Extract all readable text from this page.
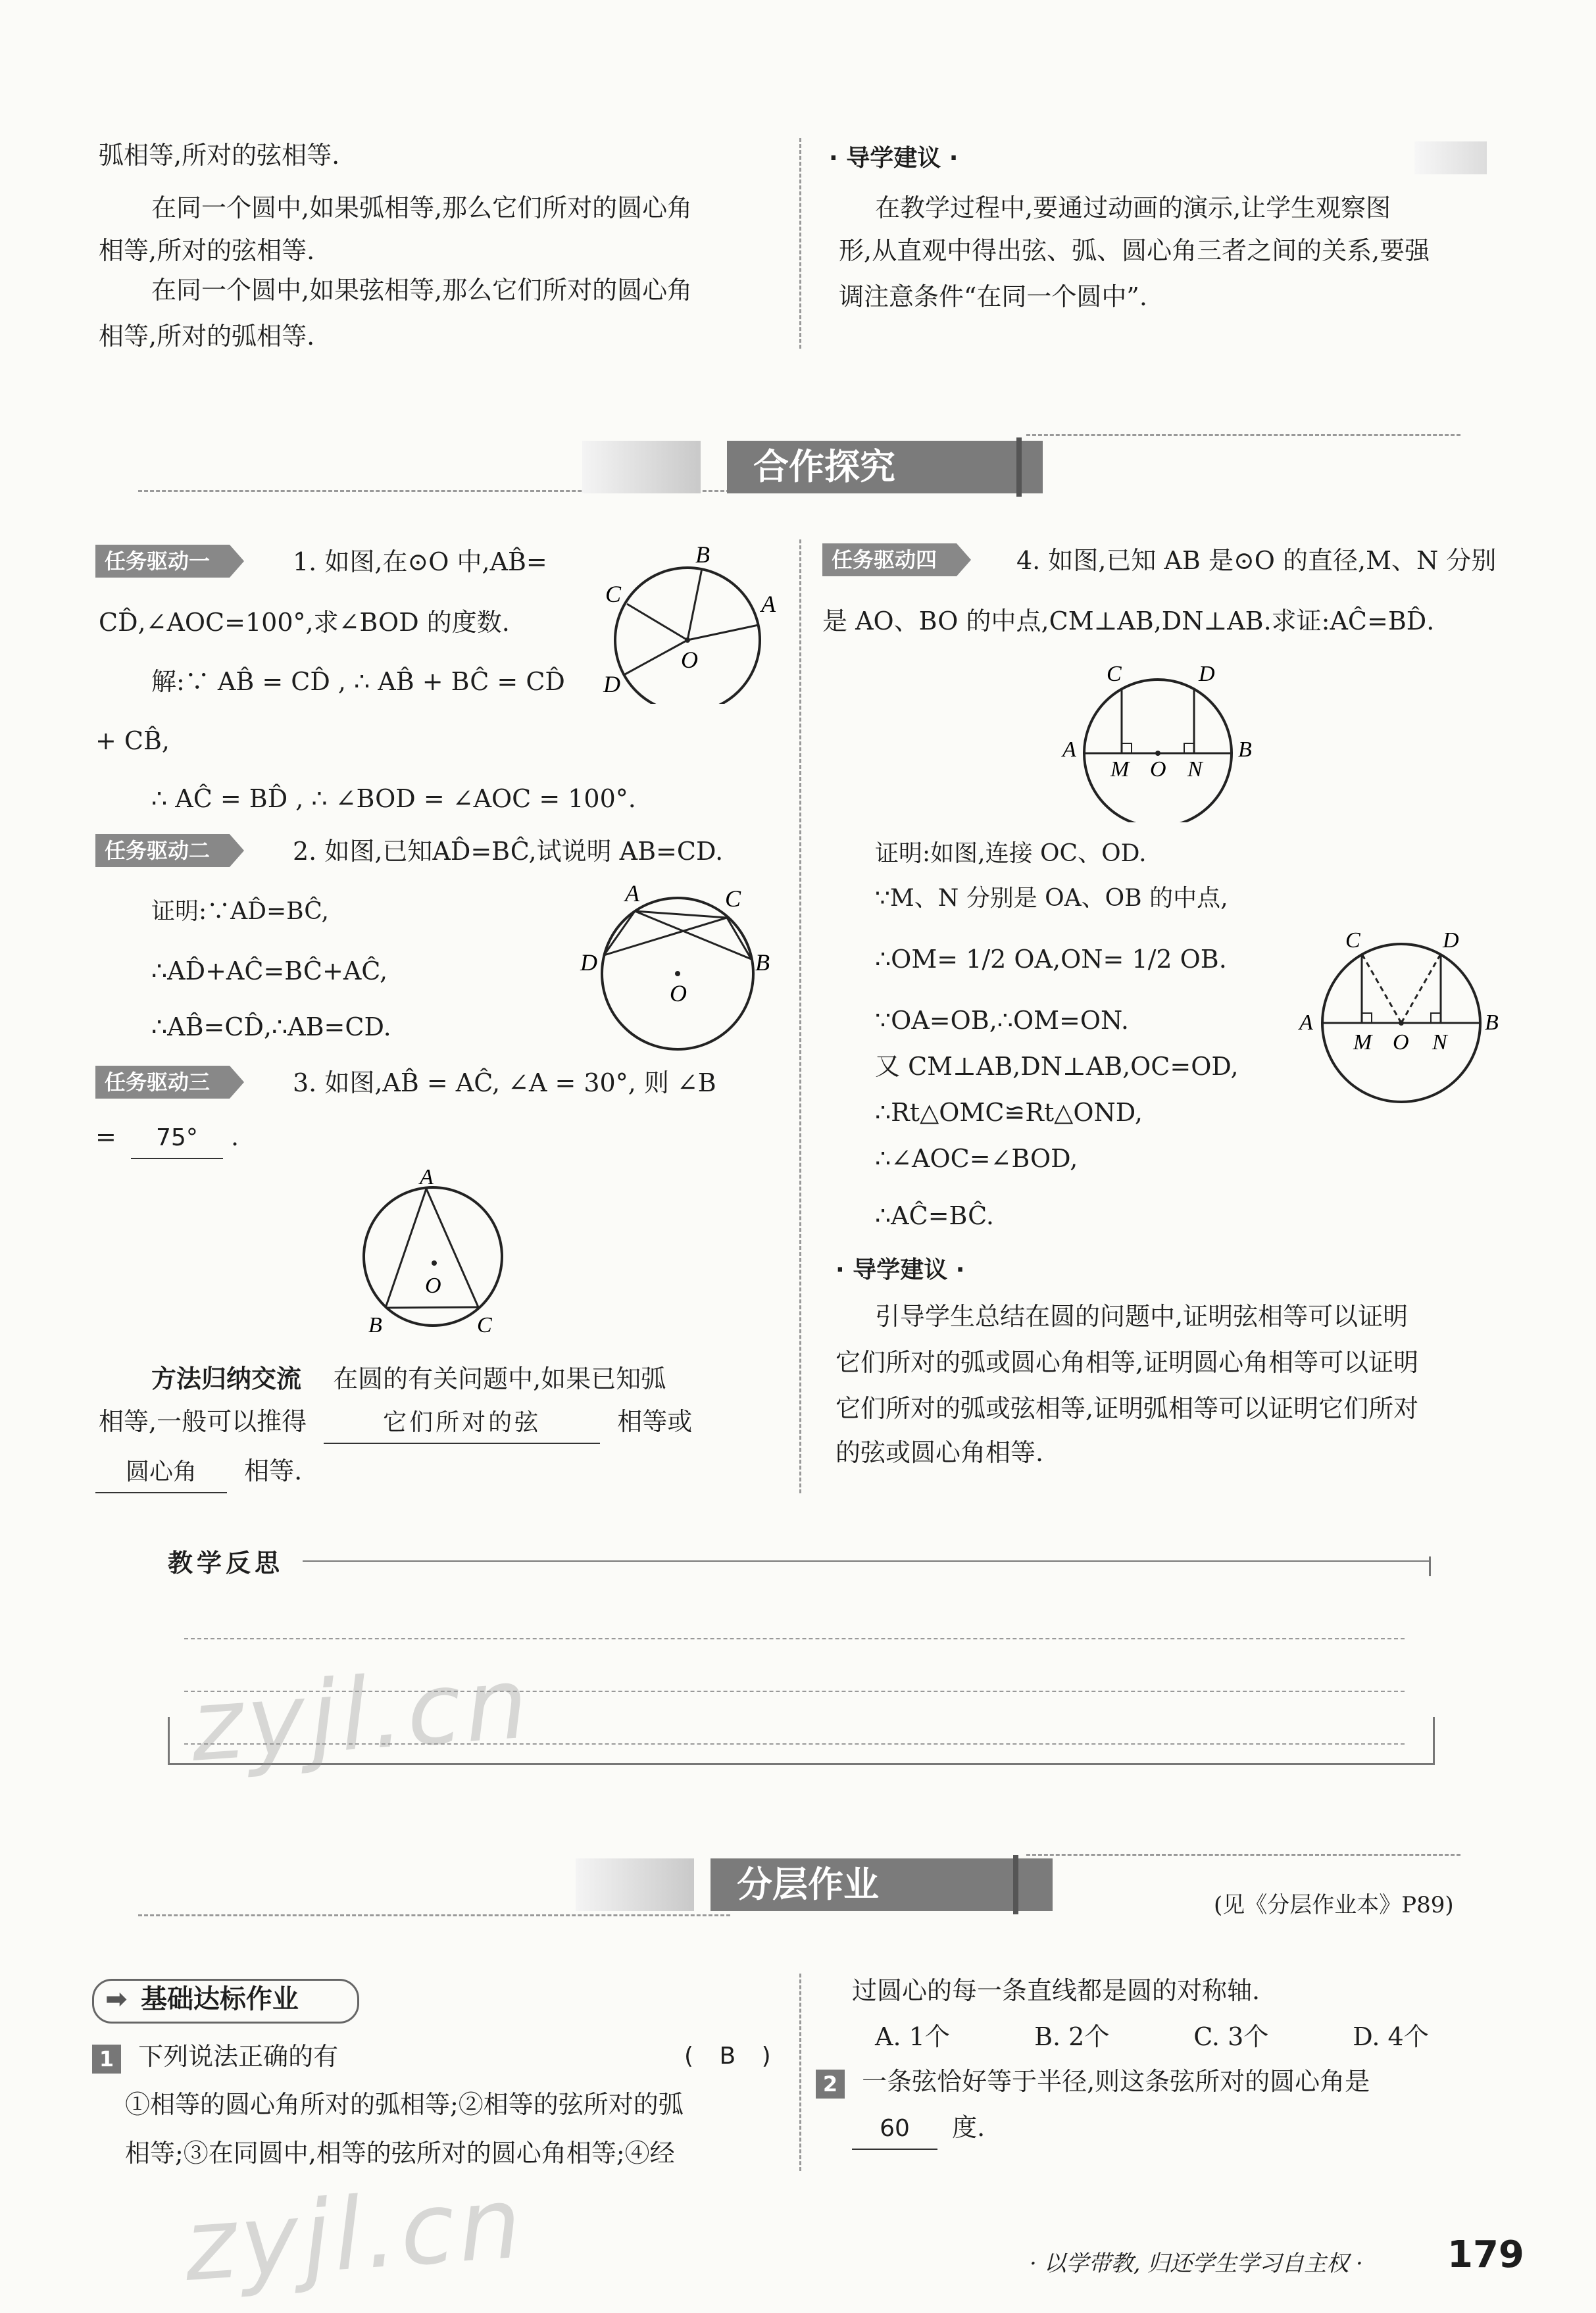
弧相等,所对的弦相等.
在同一个圆中,如果弧相等,那么它们所对的圆心角
相等,所对的弦相等.
在同一个圆中,如果弦相等,那么它们所对的圆心角
相等,所对的弧相等.
· 导学建议 ·
在教学过程中,要通过动画的演示,让学生观察图
形,从直观中得出弦、弧、圆心角三者之间的关系,要强
调注意条件“在同一个圆中”.
合作探究
任务驱动一	1. 如图,在⊙O 中,AB̂=
CD̂,∠AOC=100°,求∠BOD 的度数.
解:∵ AB̂ = CD̂ , ∴ AB̂ + BĈ = CD̂
+ CB̂,
∴ AĈ = BD̂ , ∴ ∠BOD = ∠AOC = 100°.
B
A
C
O
D
任务驱动二	2. 如图,已知AD̂=BĈ,试说明 AB=CD.
证明:∵AD̂=BĈ,
∴AD̂+AĈ=BĈ+AĈ,
∴AB̂=CD̂,∴AB=CD.
A	C
D	B
O
任务驱动三	3. 如图,AB̂ = AĈ, ∠A = 30°, 则 ∠B
= 75° .
A
O
B	C
方法归纳交流 在圆的有关问题中,如果已知弧
相等,一般可以推得	它们所对的弦	相等或
圆心角 相等.
任务驱动四	4. 如图,已知 AB 是⊙O 的直径,M、N 分别
是 AO、BO 的中点,CM⊥AB,DN⊥AB.求证:AĈ=BD̂.
C	D
A
M O N
B
证明:如图,连接 OC、OD.
∵M、N 分别是 OA、OB 的中点,
∴OM= 1/2 OA,ON= 1/2 OB.
∵OA=OB,∴OM=ON.
又 CM⊥AB,DN⊥AB,OC=OD,
∴Rt△OMC≌Rt△OND,
∴∠AOC=∠BOD,
∴AĈ=BĈ.
C	D
A
M O N
B
· 导学建议 ·
引导学生总结在圆的问题中,证明弦相等可以证明
它们所对的弧或圆心角相等,证明圆心角相等可以证明
它们所对的弧或弦相等,证明弧相等可以证明它们所对
的弦或圆心角相等.
教学反思
分层作业	(见《分层作业本》P89)
➡ 基础达标作业
1 下列说法正确的有	( B )
①相等的圆心角所对的弧相等;②相等的弦所对的弧
相等;③在同圆中,相等的弦所对的圆心角相等;④经
过圆心的每一条直线都是圆的对称轴.
A. 1个	B. 2个	C. 3个	D. 4个
2 一条弦恰好等于半径,则这条弦所对的圆心角是
60 度.
zyjl.cn
zyjl.cn	· 以学带教, 归还学生学习自主权 · 179
